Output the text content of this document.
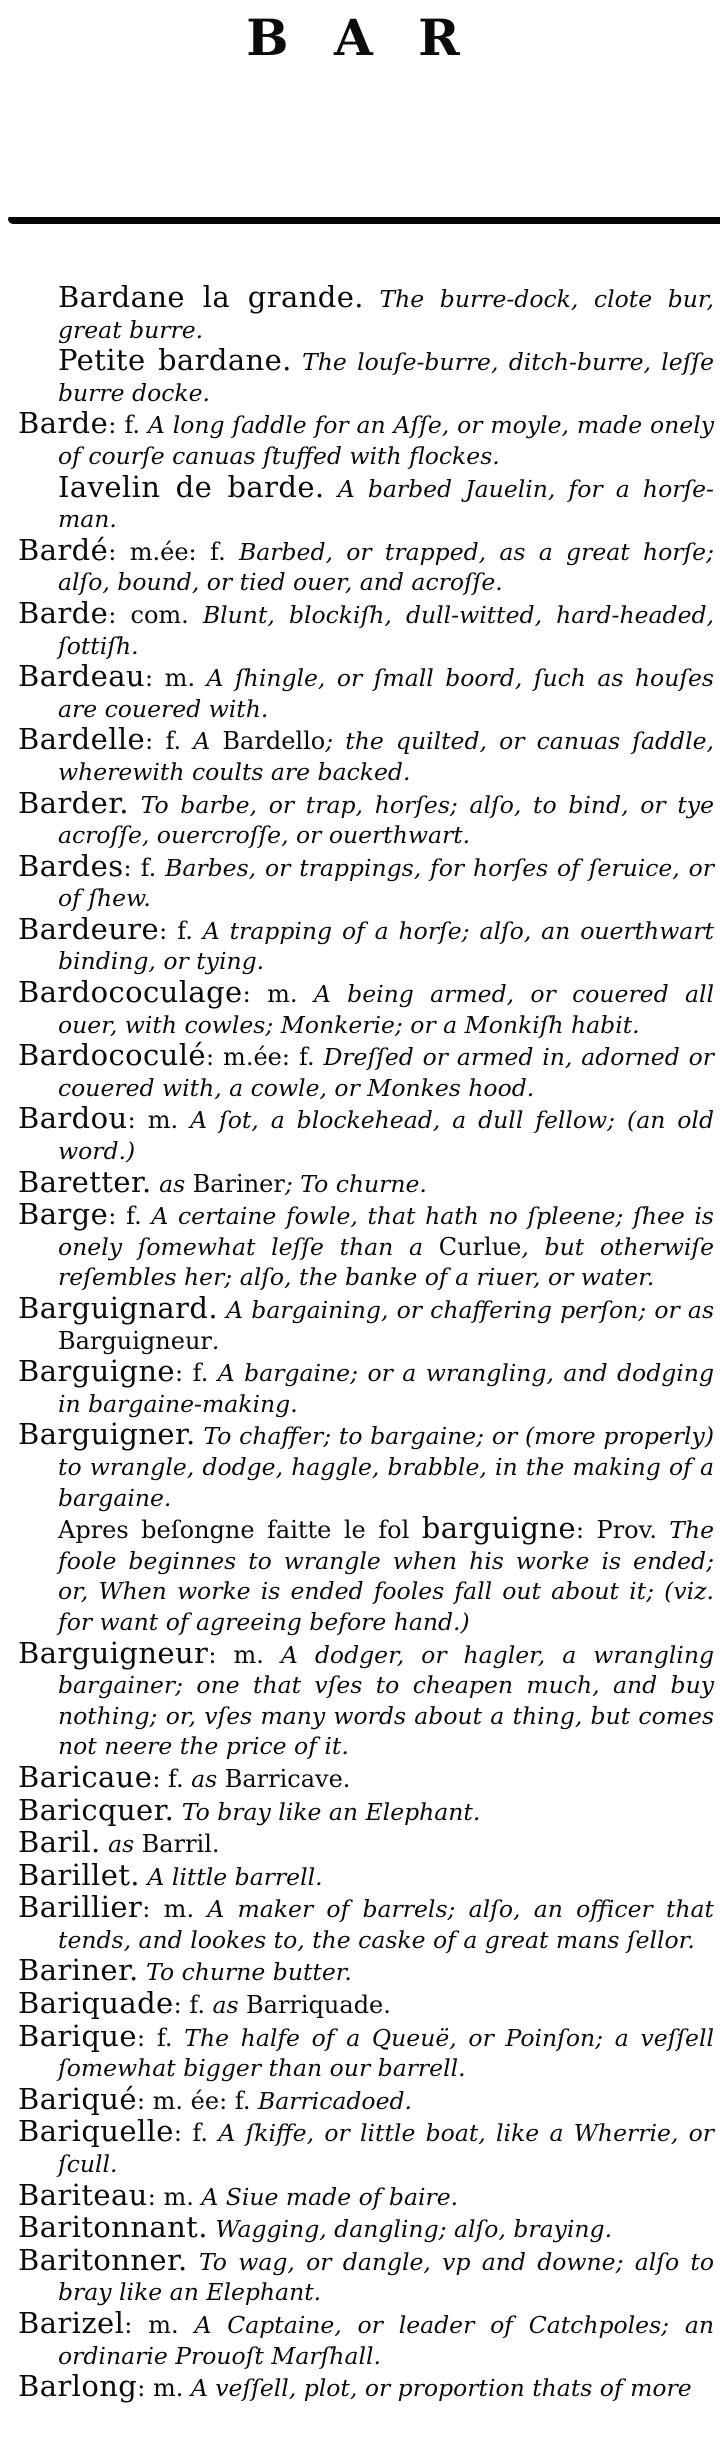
B A R

Bardane la grande. The burre-dock, clote bur, great burre.

Petite bardane. The louſe-burre, ditch-burre, leſſe burre docke.

Barde: f. A long ſaddle for an Aſſe, or moyle, made onely of courſe canuas ſtuffed with flockes.

Iavelin de barde. A barbed Jauelin, for a horſe-man.

Bardé: m.ée: f. Barbed, or trapped, as a great horſe; alſo, bound, or tied ouer, and acroſſe.

Barde: com. Blunt, blockiſh, dull-witted, hard-headed, ſottiſh.

Bardeau: m. A ſhingle, or ſmall boord, ſuch as houſes are couered with.

Bardelle: f. A Bardello; the quilted, or canuas ſaddle, wherewith coults are backed.

Barder. To barbe, or trap, horſes; alſo, to bind, or tye acroſſe, ouercroſſe, or ouerthwart.

Bardes: f. Barbes, or trappings, for horſes of ſeruice, or of ſhew.

Bardeure: f. A trapping of a horſe; alſo, an ouerthwart binding, or tying.

Bardococulage: m. A being armed, or couered all ouer, with cowles; Monkerie; or a Monkiſh habit.

Bardococulé: m.ée: f. Dreſſed or armed in, adorned or couered with, a cowle, or Monkes hood.

Bardou: m. A ſot, a blockehead, a dull fellow; (an old word.)

Baretter. as Bariner; To churne.

Barge: f. A certaine fowle, that hath no ſpleene; ſhee is onely ſomewhat leſſe than a Curlue, but otherwiſe reſembles her; alſo, the banke of a riuer, or water.

Barguignard. A bargaining, or chaffering perſon; or as Barguigneur.

Barguigne: f. A bargaine; or a wrangling, and dodging in bargaine-making.

Barguigner. To chaffer; to bargaine; or (more properly) to wrangle, dodge, haggle, brabble, in the making of a bargaine.

Apres beſongne faitte le fol barguigne: Prov. The foole beginnes to wrangle when his worke is ended; or, When worke is ended fooles fall out about it; (viz. for want of agreeing before hand.)

Barguigneur: m. A dodger, or hagler, a wrangling bargainer; one that vſes to cheapen much, and buy nothing; or, vſes many words about a thing, but comes not neere the price of it.

Baricaue: f. as Barricave.

Baricquer. To bray like an Elephant.

Baril. as Barril.

Barillet. A little barrell.

Barillier: m. A maker of barrels; alſo, an officer that tends, and lookes to, the caske of a great mans ſellor.

Bariner. To churne butter.

Bariquade: f. as Barriquade.

Barique: f. The halfe of a Queuë, or Poinſon; a veſſell ſomewhat bigger than our barrell.

Bariqué: m. ée: f. Barricadoed.

Bariquelle: f. A ſkiffe, or little boat, like a Wherrie, or ſcull.

Bariteau: m. A Siue made of baire.

Baritonnant. Wagging, dangling; alſo, braying.

Baritonner. To wag, or dangle, vp and downe; alſo to bray like an Elephant.

Barizel: m. A Captaine, or leader of Catchpoles; an ordinarie Prouoſt Marſhall.

Barlong: m. A veſſell, plot, or proportion thats of more
